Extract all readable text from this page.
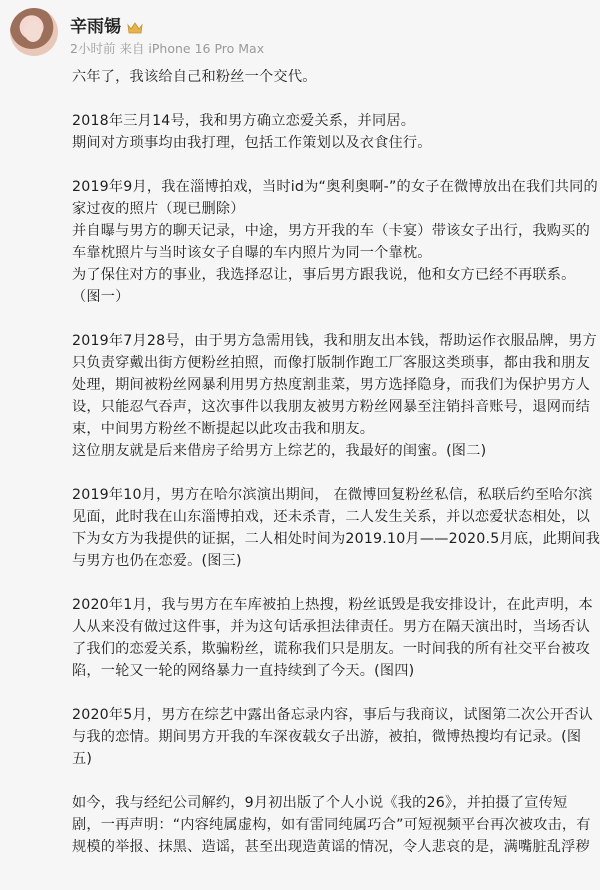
辛雨锡
2小时前 来自 iPhone 16 Pro Max
六年了，我该给自己和粉丝一个交代。
2018年三月14号，我和男方确立恋爱关系，并同居。
期间对方琐事均由我打理，包括工作策划以及衣食住行。
2019年9月，我在淄博拍戏，当时id为“奥利奥啊-”的女子在微博放出在我们共同的
家过夜的照片（现已删除）
并自曝与男方的聊天记录，中途，男方开我的车（卡宴）带该女子出行，我购买的
车靠枕照片与当时该女子自曝的车内照片为同一个靠枕。
为了保住对方的事业，我选择忍让，事后男方跟我说，他和女方已经不再联系。
（图一）
2019年7月28号，由于男方急需用钱，我和朋友出本钱，帮助运作衣服品牌，男方
只负责穿戴出街方便粉丝拍照，而像打版制作跑工厂客服这类琐事，都由我和朋友
处理，期间被粉丝网暴利用男方热度割韭菜，男方选择隐身，而我们为保护男方人
设，只能忍气吞声，这次事件以我朋友被男方粉丝网暴至注销抖音账号，退网而结
束，中间男方粉丝不断提起以此攻击我和朋友。
这位朋友就是后来借房子给男方上综艺的，我最好的闺蜜。(图二)
2019年10月，男方在哈尔滨演出期间， 在微博回复粉丝私信，私联后约至哈尔滨
见面，此时我在山东淄博拍戏，还未杀青，二人发生关系，并以恋爱状态相处，以
下为女方为我提供的证据，二人相处时间为2019.10月——2020.5月底，此期间我
与男方也仍在恋爱。(图三)
2020年1月，我与男方在车库被拍上热搜，粉丝诋毁是我安排设计，在此声明，本
人从来没有做过这件事，并为这句话承担法律责任。男方在隔天演出时，当场否认
了我们的恋爱关系，欺骗粉丝，谎称我们只是朋友。一时间我的所有社交平台被攻
陷，一轮又一轮的网络暴力一直持续到了今天。(图四)
2020年5月，男方在综艺中露出备忘录内容，事后与我商议，试图第二次公开否认
与我的恋情。期间男方开我的车深夜载女子出游，被拍，微博热搜均有记录。(图
五)
如今，我与经纪公司解约，9月初出版了个人小说《我的26》，并拍摄了宣传短
剧，一再声明：“内容纯属虚构，如有雷同纯属巧合”可短视频平台再次被攻击，有
规模的举报、抹黑、造谣，甚至出现造黄谣的情况，令人悲哀的是，满嘴脏乱浮秽
